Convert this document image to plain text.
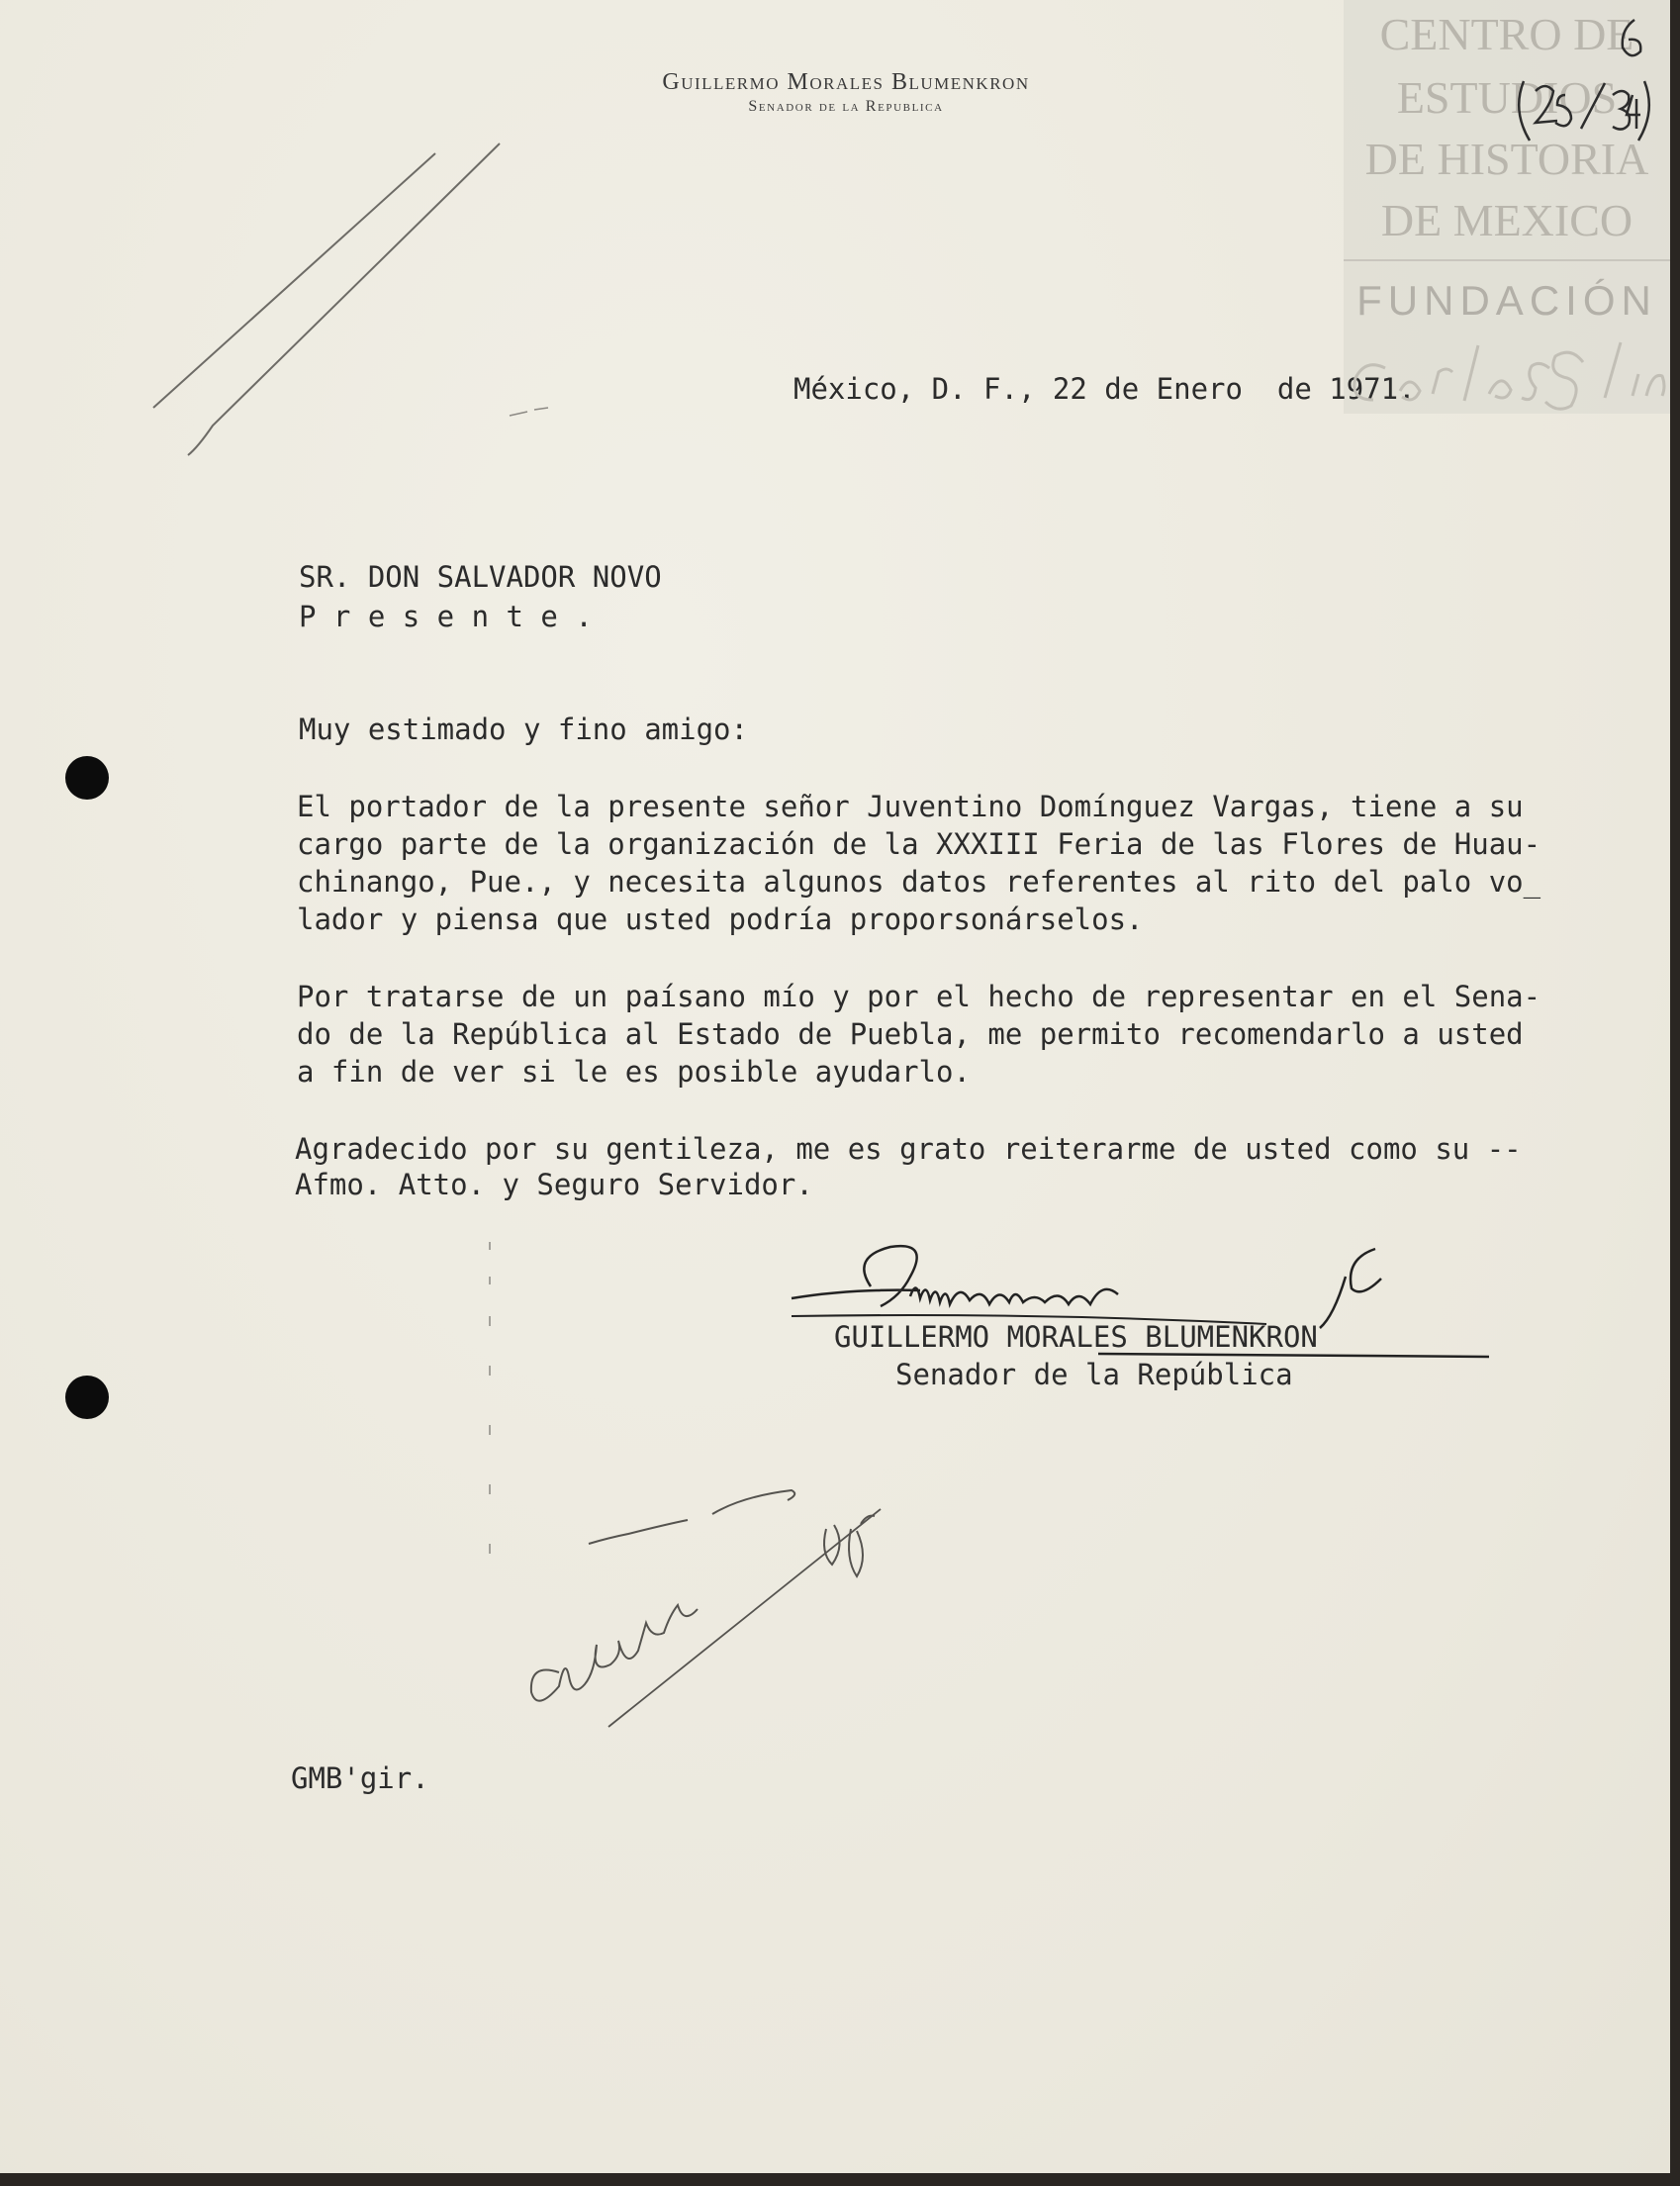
Guillermo Morales Blumenkron
Senador de la Republica
CENTRO DE
ESTUDIOS
DE HISTORIA
DE MEXICO
FUNDACIÓN
México, D. F., 22 de Enero  de 1971.
SR. DON SALVADOR NOVO
P r e s e n t e .
Muy estimado y fino amigo:
El portador de la presente señor Juventino Domínguez Vargas, tiene a su
cargo parte de la organización de la XXXIII Feria de las Flores de Huau-
chinango, Pue., y necesita algunos datos referentes al rito del palo vo_
lador y piensa que usted podría proporsonárselos.
Por tratarse de un paísano mío y por el hecho de representar en el Sena-
do de la República al Estado de Puebla, me permito recomendarlo a usted
a fin de ver si le es posible ayudarlo.
Agradecido por su gentileza, me es grato reiterarme de usted como su --
Afmo. Atto. y Seguro Servidor.
GUILLERMO MORALES BLUMENKRON
Senador de la República
GMB'gir.
